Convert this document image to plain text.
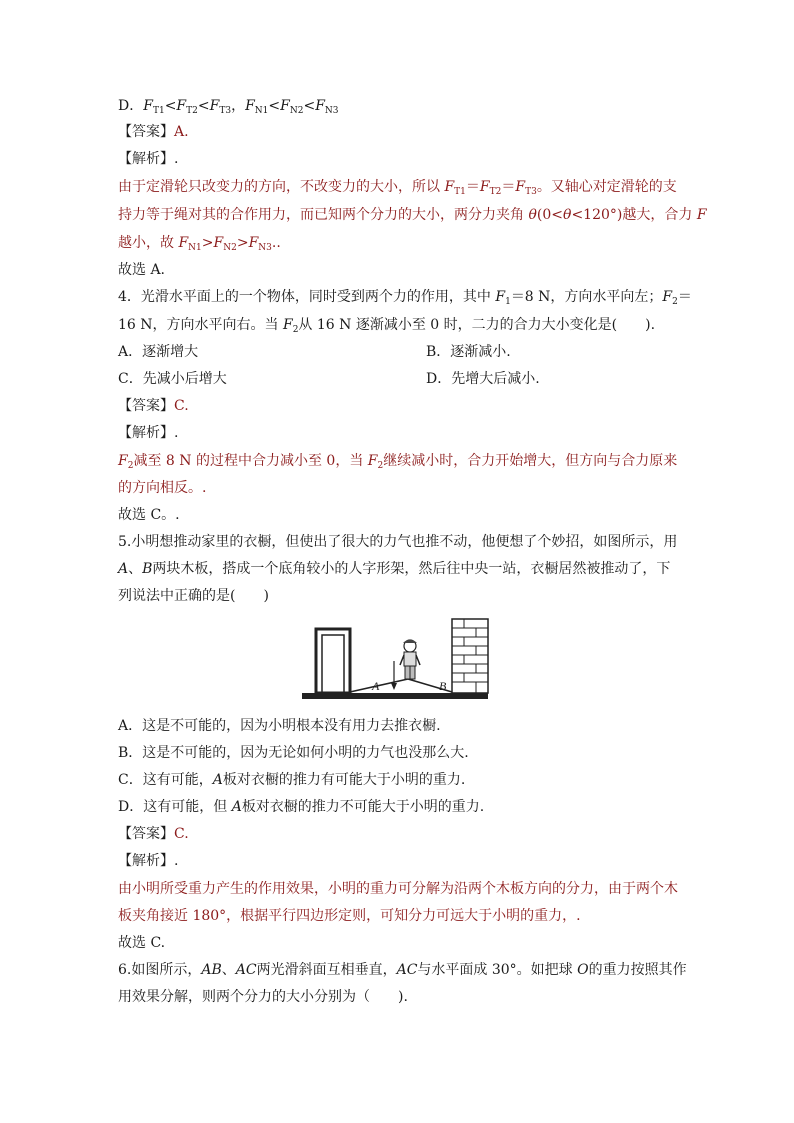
D．$F_{T1}<F_{T2}<F_{T3}$，$F_{N1}<F_{N2}<F_{N3}$
【答案】A.
【解析】.
由于定滑轮只改变力的方向，不改变力的大小，所以 $F_{T1}=F_{T2}=F_{T3}$。又轴心对定滑轮的支
持力等于绳对其的合作用力，而已知两个分力的大小，两分力夹角 θ(0<θ<120°)越大，合力 F
越小，故 $F_{N1}>F_{N2}>F_{N3}$..
故选 A.
4．光滑水平面上的一个物体，同时受到两个力的作用，其中 $F_1=8$ N，方向水平向左；$F_2=$
16 N，方向水平向右。当 $F_2$从 16 N 逐渐减小至 0 时，二力的合力大小变化是(　　).
A．逐渐增大	B．逐渐减小.
C．先减小后增大	D．先增大后减小.
【答案】C.
【解析】.
$F_2$减至 8 N 的过程中合力减小至 0，当 $F_2$继续减小时，合力开始增大，但方向与合力原来
的方向相反。.
故选 C。.
5.小明想推动家里的衣橱，但使出了很大的力气也推不动，他便想了个妙招，如图所示，用
A、B两块木板，搭成一个底角较小的人字形架，然后往中央一站，衣橱居然被推动了，下
列说法中正确的是(　　)
A	B
A．这是不可能的，因为小明根本没有用力去推衣橱.
B．这是不可能的，因为无论如何小明的力气也没那么大.
C．这有可能，A板对衣橱的推力有可能大于小明的重力.
D．这有可能，但 A板对衣橱的推力不可能大于小明的重力.
【答案】C.
【解析】.
由小明所受重力产生的作用效果，小明的重力可分解为沿两个木板方向的分力，由于两个木
板夹角接近 180°，根据平行四边形定则，可知分力可远大于小明的重力，.
故选 C.
6.如图所示，AB、AC两光滑斜面互相垂直，AC与水平面成 30°。如把球 O的重力按照其作
用效果分解，则两个分力的大小分别为（　　).
